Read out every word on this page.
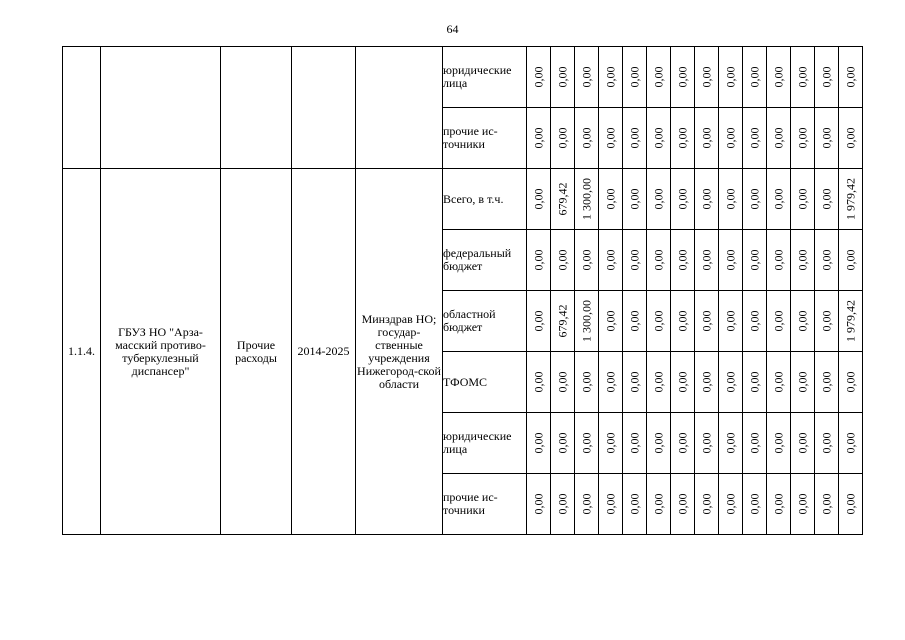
64
					юридические лица	0,00	0,00	0,00	0,00	0,00	0,00	0,00	0,00	0,00	0,00	0,00	0,00	0,00	0,00

					прочие ис-точники	0,00	0,00	0,00	0,00	0,00	0,00	0,00	0,00	0,00	0,00	0,00	0,00	0,00	0,00

1.1.4.	ГБУЗ НО "Арза-масский противо-туберкулезный диспансер"	Прочие расходы	2014-2025	Минздрав НО; государ-ственные учреждения Нижегород-ской области	Всего, в т.ч.	0,00	679,42	1 300,00	0,00	0,00	0,00	0,00	0,00	0,00	0,00	0,00	0,00	0,00	1 979,42

					федеральный бюджет	0,00	0,00	0,00	0,00	0,00	0,00	0,00	0,00	0,00	0,00	0,00	0,00	0,00	0,00

					областной бюджет	0,00	679,42	1 300,00	0,00	0,00	0,00	0,00	0,00	0,00	0,00	0,00	0,00	0,00	1 979,42

					ТФОМС	0,00	0,00	0,00	0,00	0,00	0,00	0,00	0,00	0,00	0,00	0,00	0,00	0,00	0,00

					юридические лица	0,00	0,00	0,00	0,00	0,00	0,00	0,00	0,00	0,00	0,00	0,00	0,00	0,00	0,00

					прочие ис-точники	0,00	0,00	0,00	0,00	0,00	0,00	0,00	0,00	0,00	0,00	0,00	0,00	0,00	0,00
